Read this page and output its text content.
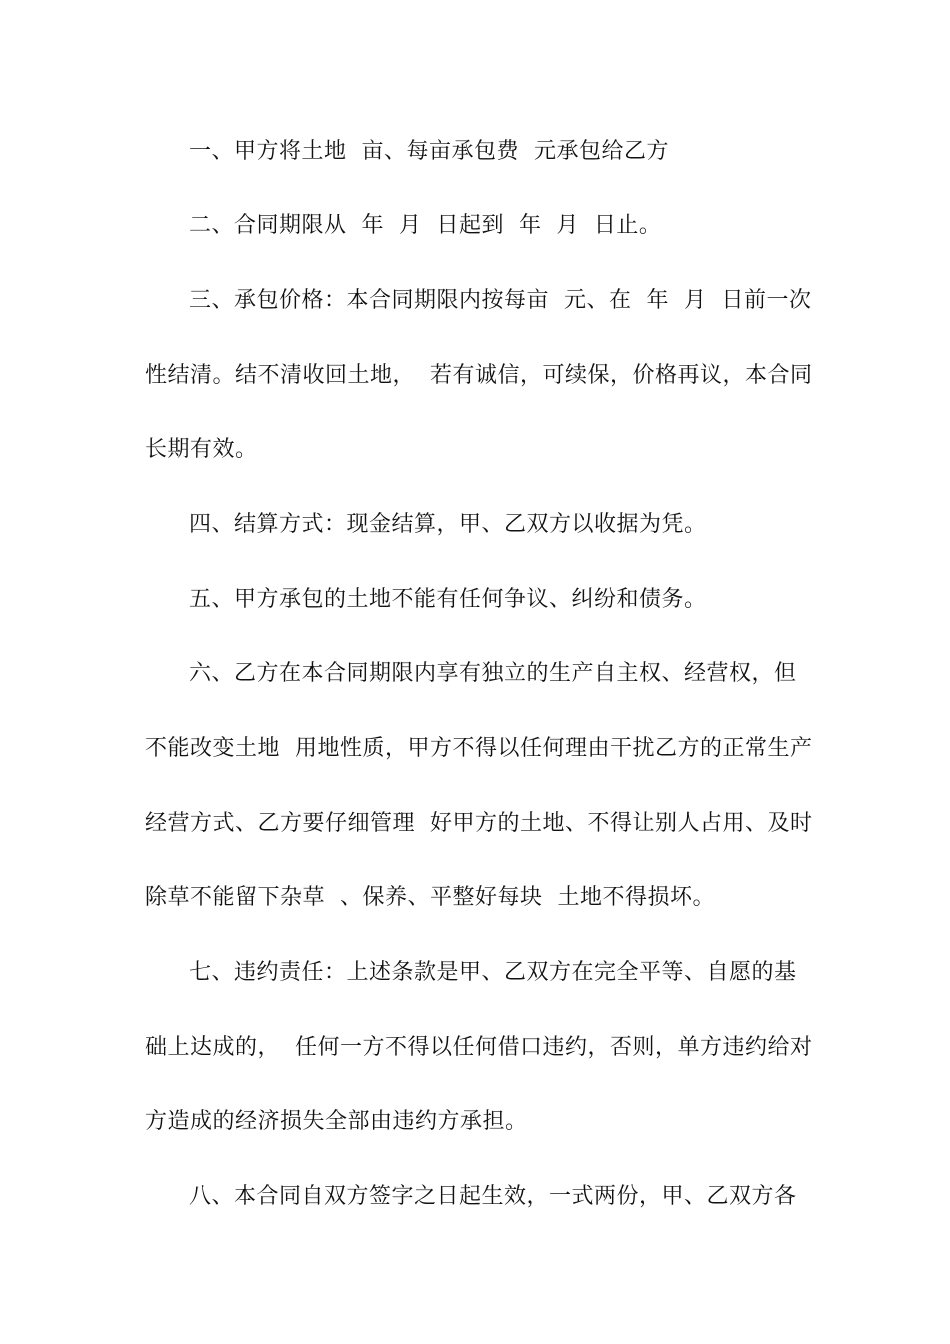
一、甲方将土地  亩、每亩承包费  元承包给乙方
二、合同期限从  年  月  日起到  年  月  日止。
三、承包价格：本合同期限内按每亩  元、在  年  月  日前一次
性结清。结不清收回土地，  若有诚信，可续保，价格再议，本合同
长期有效。
四、结算方式：现金结算，甲、乙双方以收据为凭。
五、甲方承包的土地不能有任何争议、纠纷和债务。
六、乙方在本合同期限内享有独立的生产自主权、经营权，但
不能改变土地  用地性质，甲方不得以任何理由干扰乙方的正常生产
经营方式、乙方要仔细管理  好甲方的土地、不得让别人占用、及时
除草不能留下杂草  、保养、平整好每块  土地不得损坏。
七、违约责任：上述条款是甲、乙双方在完全平等、自愿的基
础上达成的，  任何一方不得以任何借口违约，否则，单方违约给对
方造成的经济损失全部由违约方承担。
八、本合同自双方签字之日起生效，一式两份，甲、乙双方各
